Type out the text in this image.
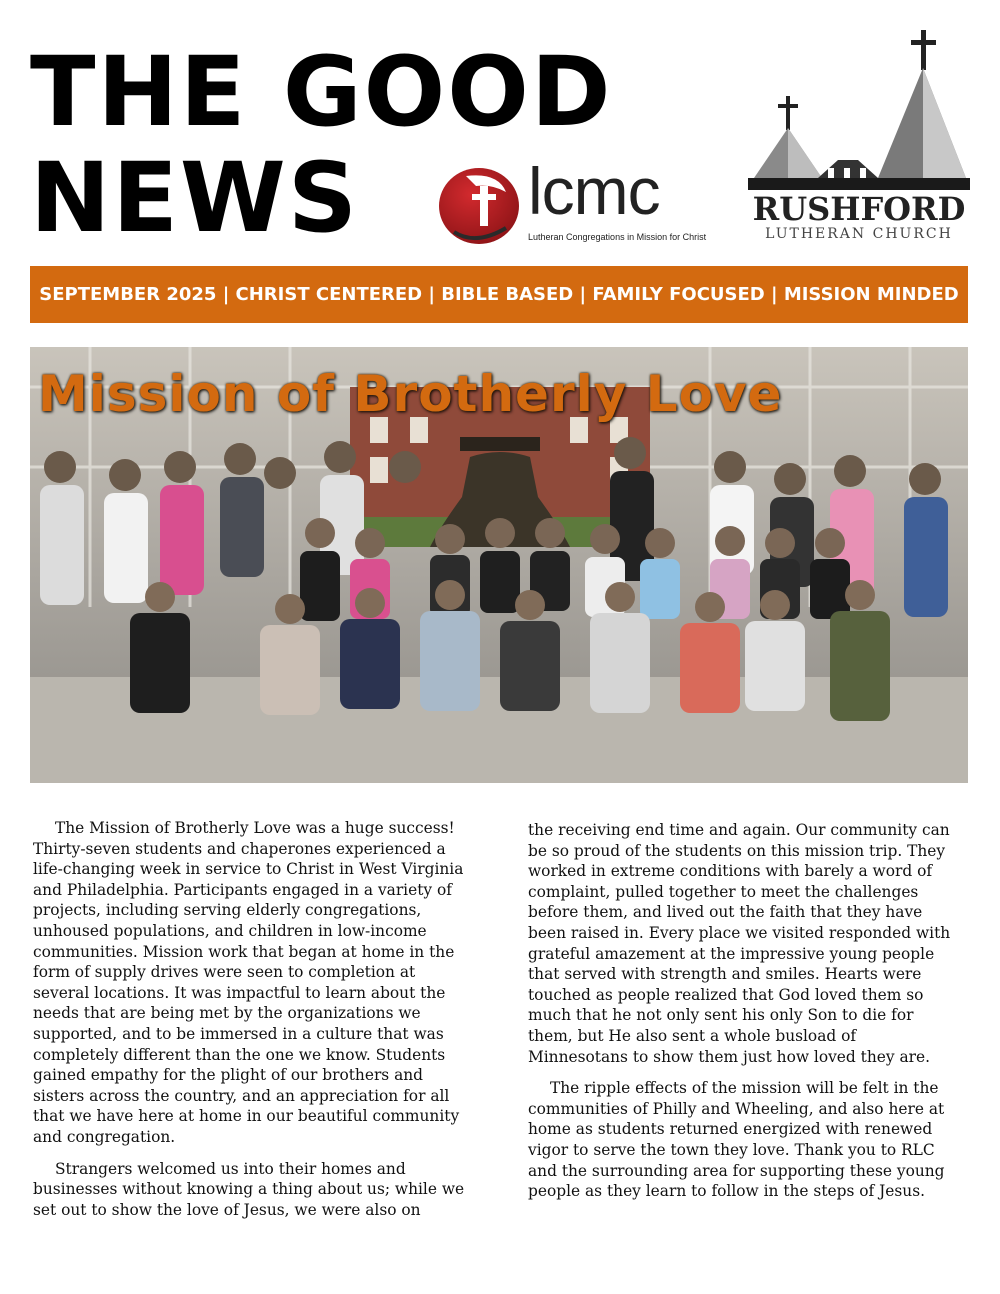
THE GOOD
NEWS	lcmc
Lutheran Congregations in Mission for Christ
RUSHFORD
LUTHERAN CHURCH
SEPTEMBER 2025 | CHRIST CENTERED | BIBLE BASED | FAMILY FOCUSED | MISSION MINDED
Mission of Brotherly Love

The Mission of Brotherly Love was a huge success! Thirty-seven students and chaperones experienced a life-changing week in service to Christ in West Virginia and Philadelphia. Participants engaged in a variety of projects, including serving elderly congregations, unhoused populations, and children in low-income communities. Mission work that began at home in the form of supply drives were seen to completion at several locations. It was impactful to learn about the needs that are being met by the organizations we supported, and to be immersed in a culture that was completely different than the one we know. Students gained empathy for the plight of our brothers and sisters across the country, and an appreciation for all that we have here at home in our beautiful community and congregation.

Strangers welcomed us into their homes and businesses without knowing a thing about us; while we set out to show the love of Jesus, we were also on

the receiving end time and again. Our community can be so proud of the students on this mission trip. They worked in extreme conditions with barely a word of complaint, pulled together to meet the challenges before them, and lived out the faith that they have been raised in. Every place we visited responded with grateful amazement at the impressive young people that served with strength and smiles. Hearts were touched as people realized that God loved them so much that he not only sent his only Son to die for them, but He also sent a whole busload of Minnesotans to show them just how loved they are.

The ripple effects of the mission will be felt in the communities of Philly and Wheeling, and also here at home as students returned energized with renewed vigor to serve the town they love. Thank you to RLC and the surrounding area for supporting these young people as they learn to follow in the steps of Jesus.
